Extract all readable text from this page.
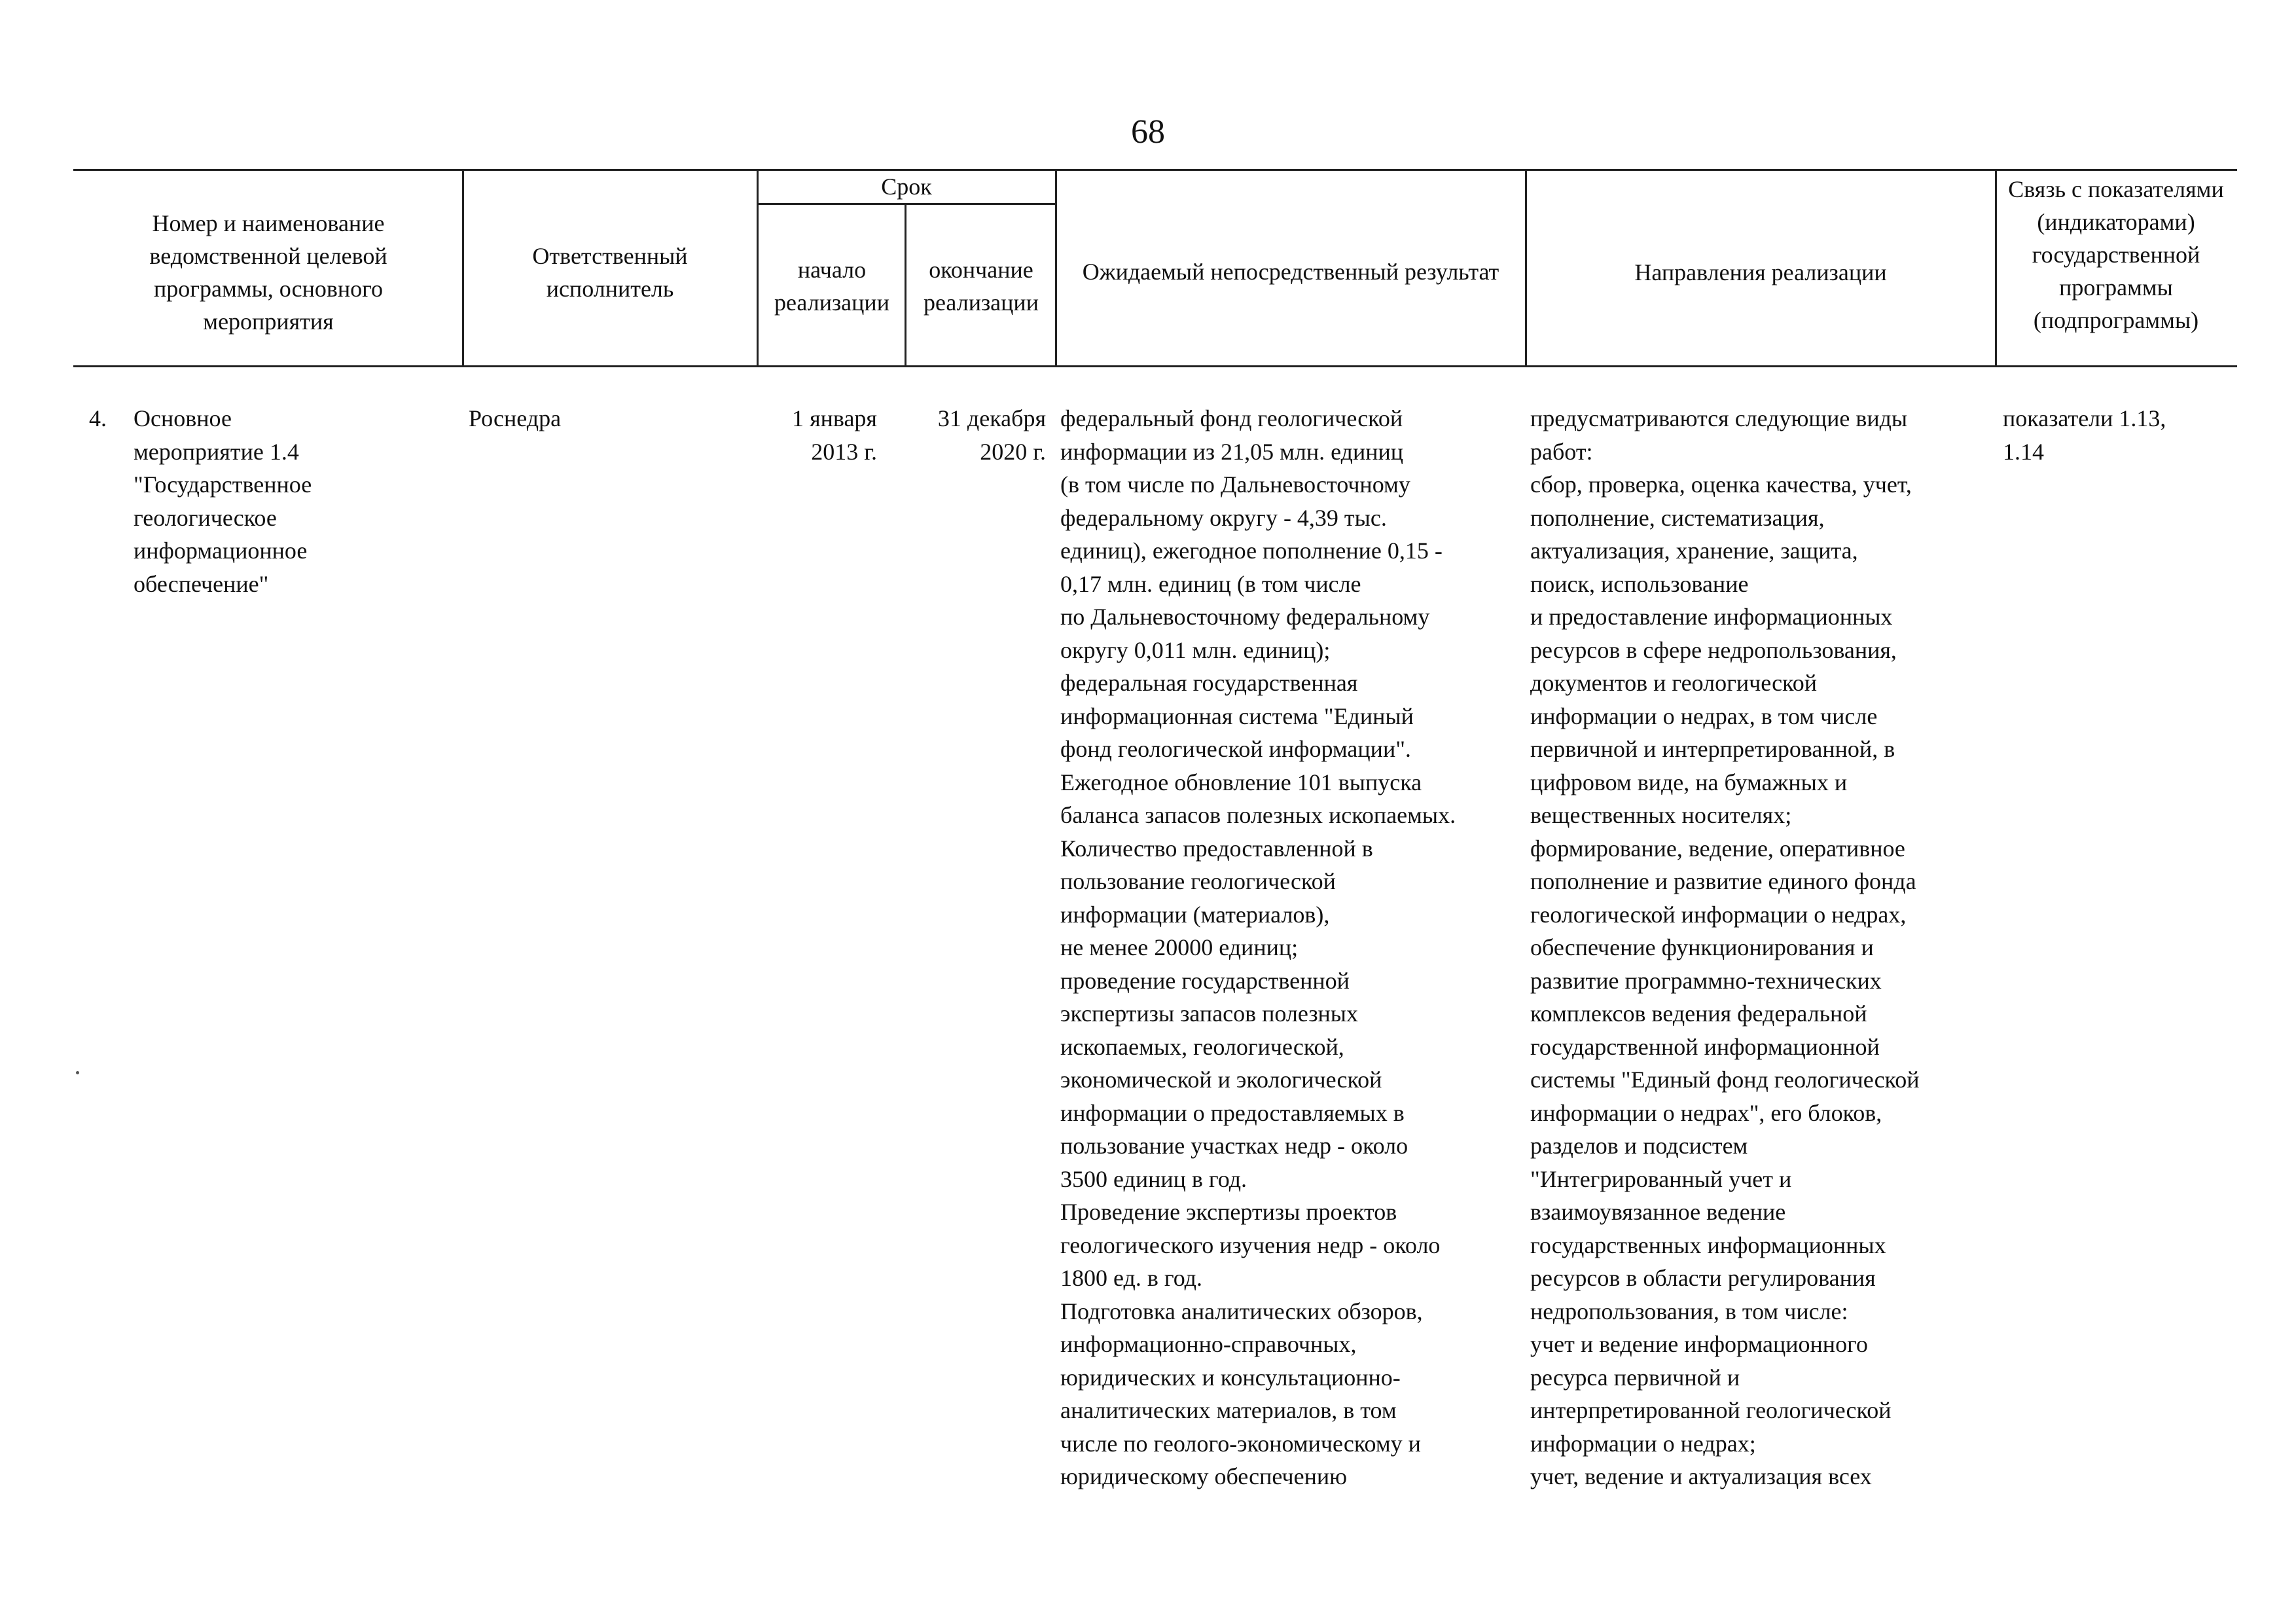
68
Номер и наименование ведомственной целевой программы, основного мероприятия
Ответственный исполнитель
Срок
начало реализации
окончание реализации
Ожидаемый непосредственный результат	Направления реализации
Связь с показателями (индикаторами) государственной программы (подпрограммы)
4. Основное
мероприятие 1.4
"Государственное
геологическое
информационное
обеспечение"
Роснедра	1 января
2013 г.
31 декабря
2020 г.
федеральный фонд геологической
информации из 21,05 млн. единиц
(в том числе по Дальневосточному
федеральному округу - 4,39 тыс.
единиц), ежегодное пополнение 0,15 -
0,17 млн. единиц (в том числе
по Дальневосточному федеральному
округу 0,011 млн. единиц);
федеральная государственная
информационная система "Единый
фонд геологической информации".
Ежегодное обновление 101 выпуска
баланса запасов полезных ископаемых.
Количество предоставленной в
пользование геологической
информации (материалов),
не менее 20000 единиц;
проведение государственной
экспертизы запасов полезных
ископаемых, геологической,
экономической и экологической
информации о предоставляемых в
пользование участках недр - около
3500 единиц в год.
Проведение экспертизы проектов
геологического изучения недр - около
1800 ед. в год.
Подготовка аналитических обзоров,
информационно-справочных,
юридических и консультационно-
аналитических материалов, в том
числе по геолого-экономическому и
юридическому обеспечению
предусматриваются следующие виды
работ:
сбор, проверка, оценка качества, учет,
пополнение, систематизация,
актуализация, хранение, защита,
поиск, использование
и предоставление информационных
ресурсов в сфере недропользования,
документов и геологической
информации о недрах, в том числе
первичной и интерпретированной, в
цифровом виде, на бумажных и
вещественных носителях;
формирование, ведение, оперативное
пополнение и развитие единого фонда
геологической информации о недрах,
обеспечение функционирования и
развитие программно-технических
комплексов ведения федеральной
государственной информационной
системы "Единый фонд геологической
информации о недрах", его блоков,
разделов и подсистем
"Интегрированный учет и
взаимоувязанное ведение
государственных информационных
ресурсов в области регулирования
недропользования, в том числе:
учет и ведение информационного
ресурса первичной и
интерпретированной геологической
информации о недрах;
учет, ведение и актуализация всех
показатели 1.13,
1.14
